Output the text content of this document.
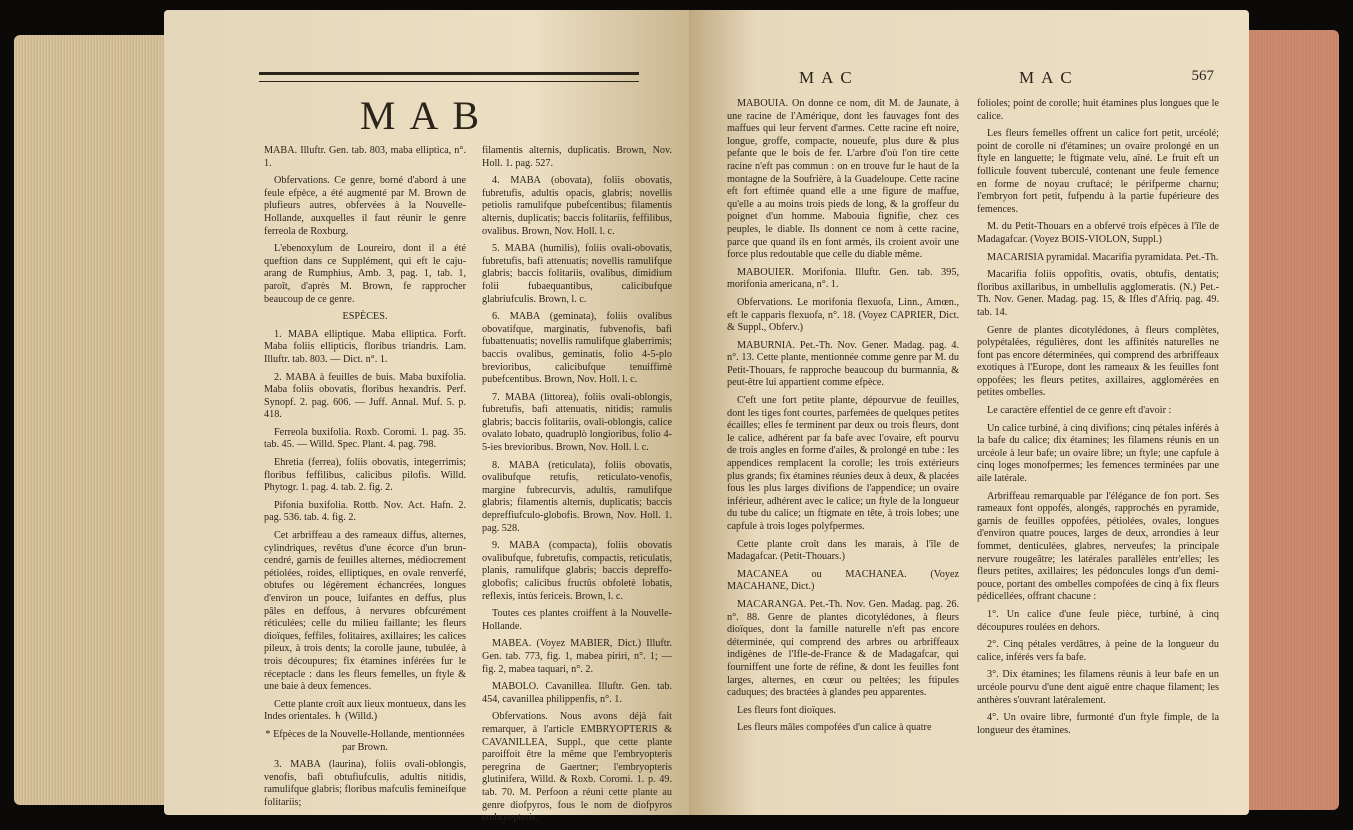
MAB

MABA. Illuftr. Gen. tab. 803, maba elliptica, n°. 1.

Obfervations. Ce genre, borné d'abord à une feule efpèce, a été augmenté par M. Brown de plufieurs autres, obfervées à la Nouvelle-Hollande, auxquelles il faut réunir le genre ferreola de Roxburg.

L'ebenoxylum de Loureiro, dont il a été queftion dans ce Supplément, qui eft le caju-arang de Rumphius, Amb. 3, pag. 1, tab. 1, paroît, d'après M. Brown, fe rapprocher beaucoup de ce genre.

ESPÈCES.

1. MABA elliptique. Maba elliptica. Forft. Maba foliis ellipticis, floribus triandris. Lam. Illuftr. tab. 803. — Dict. n°. 1.

2. MABA à feuilles de buis. Maba buxifolia. Maba foliis obovatis, floribus hexandris. Perf. Synopf. 2. pag. 606. — Juff. Annal. Muf. 5. p. 418.

Ferreola buxifolia. Roxb. Coromi. 1. pag. 35. tab. 45. — Willd. Spec. Plant. 4. pag. 798.

Ehretia (ferrea), foliis obovatis, integerrimis; floribus feffilibus, calicibus pilofis. Willd. Phytogr. 1. pag. 4. tab. 2. fig. 2.

Pifonia buxifolia. Rottb. Nov. Act. Hafn. 2. pag. 536. tab. 4. fig. 2.

Cet arbriffeau a des rameaux diffus, alternes, cylindriques, revêtus d'une écorce d'un brun-cendré, garnis de feuilles alternes, médiocrement pétiolées, roides, elliptiques, en ovale renverfé, obtufes ou légèrement échancrées, longues d'environ un pouce, luifantes en deffus, plus pâles en deffous, à nervures obfcurément réticulées; celle du milieu faillante; les fleurs dioïques, feffiles, folitaires, axillaires; les calices pileux, à trois dents; la corolle jaune, tubulée, à trois découpures; fix étamines inférées fur le réceptacle : dans les fleurs femelles, un ftyle & une baie à deux femences.

Cette plante croît aux lieux montueux, dans les Indes orientales. ♄ (Willd.)

* Efpèces de la Nouvelle-Hollande, mentionnées par Brown.

3. MABA (laurina), foliis ovali-oblongis, venofis, bafi obtufiufculis, adultis nitidis, ramulifque glabris; floribus mafculis femineifque folitariis;

filamentis alternis, duplicatis. Brown, Nov. Holl. 1. pag. 527.

4. MABA (obovata), foliis obovatis, fubretufis, adultis opacis, glabris; novellis petiolis ramulifque pubefcentibus; filamentis alternis, duplicatis; baccis folitariis, feffilibus, ovalibus. Brown, Nov. Holl. l. c.

5. MABA (humilis), foliis ovali-obovatis, fubretufis, bafi attenuatis; novellis ramulifque glabris; baccis folitariis, ovalibus, dimidium folii fubaequantibus, calicibufque glabriufculis. Brown, l. c.

6. MABA (geminata), foliis ovalibus obovatifque, marginatis, fubvenofis, bafi fubattenuatis; novellis ramulifque glaberrimis; baccis ovalibus, geminatis, folio 4-5-plo brevioribus, calicibufque tenuiffimè pubefcentibus. Brown, Nov. Holl. l. c.

7. MABA (littorea), foliis ovali-oblongis, fubretufis, bafi attenuatis, nitidis; ramulis glabris; baccis folitariis, ovali-oblongis, calice ovalato lobato, quadruplò longioribus, folio 4-5-ies brevioribus. Brown, Nov. Holl. l. c.

8. MABA (reticulata), foliis obovatis, ovalibufque retufis, reticulato-venofis, margine fubrecurvis, adultis, ramulifque glabris; filamentis alternis, duplicatis; baccis depreffiufculo-globofis. Brown, Nov. Holl. 1. pag. 528.

9. MABA (compacta), foliis obovatis ovalibufque, fubretufis, compactis, reticulatis, planis, ramulifque glabris; baccis depreffo-globofis; calicibus fructûs obfoletè lobatis, reflexis, intùs fericeis. Brown, l. c.

Toutes ces plantes croiffent à la Nouvelle-Hollande.

MABEA. (Voyez MABIER, Dict.) Illuftr. Gen. tab. 773, fig. 1, mabea piriri, n°. 1; — fig. 2, mabea taquari, n°. 2.

MABOLO. Cavanillea. Illuftr. Gen. tab. 454, cavanillea philippenfis, n°. 1.

Obfervations. Nous avons déjà fait remarquer, à l'article EMBRYOPTERIS & CAVANILLEA, Suppl., que cette plante paroiffoit être la même que l'embryopteris peregrina de Gaertner; l'embryopteris glutinifera, Willd. & Roxb. Coromi. 1. p. 49. tab. 70. M. Perfoon a réuni cette plante au genre diofpyros, fous le nom de diofpyros embryopteris.

MAC	MAC	567

MABOUIA. On donne ce nom, dit M. de Jaunate, à une racine de l'Amérique, dont les fauvages font des maffues qui leur fervent d'armes. Cette racine eft noire, longue, groffe, compacte, noueufe, plus dure & plus pefante que le bois de fer. L'arbre d'où l'on tire cette racine n'eft pas commun : on en trouve fur le haut de la montagne de la Soufrière, à la Guadeloupe. Cette racine eft fort eftimée quand elle a une figure de maffue, qu'elle a au moins trois pieds de long, & la groffeur du poignet d'un homme. Mabouia fignifie, chez ces peuples, le diable. Ils donnent ce nom à cette racine, parce que quand ils en font armés, ils croient avoir une force plus redoutable que celle du diable même.

MABOUIER. Morifonia. Illuftr. Gen. tab. 395, morifonia americana, n°. 1.

Obfervations. Le morifonia flexuofa, Linn., Amœn., eft le capparis flexuofa, n°. 18. (Voyez CAPRIER, Dict. & Suppl., Obferv.)

MABURNIA. Pet.-Th. Nov. Gener. Madag. pag. 4. n°. 13. Cette plante, mentionnée comme genre par M. du Petit-Thouars, fe rapproche beaucoup du burmannia, & peut-être lui appartient comme efpèce.

C'eft une fort petite plante, dépourvue de feuilles, dont les tiges font courtes, parfemées de quelques petites écailles; elles fe terminent par deux ou trois fleurs, dont le calice, adhérent par fa bafe avec l'ovaire, eft pourvu de trois angles en forme d'ailes, & prolongé en tube : les appendices remplacent la corolle; les trois extérieurs plus grands; fix étamines réunies deux à deux, & placées fous les plus larges divifions de l'appendice; un ovaire inférieur, adhérent avec le calice; un ftyle de la longueur du tube du calice; un ftigmate en tête, à trois lobes; une capfule à trois loges polyfpermes.

Cette plante croît dans les marais, à l'île de Madagafcar. (Petit-Thouars.)

MACANEA ou MACHANEA. (Voyez MACAHANE, Dict.)

MACARANGA. Pet.-Th. Nov. Gen. Madag. pag. 26. n°. 88. Genre de plantes dicotylédones, à fleurs dioïques, dont la famille naturelle n'eft pas encore déterminée, qui comprend des arbres ou arbriffeaux indigènes de l'Ifle-de-France & de Madagafcar, qui fourniffent une forte de réfine, & dont les feuilles font larges, alternes, en cœur ou peltées; les ftipules caduques; des bractées à glandes peu apparentes.

Les fleurs font dioïques.

Les fleurs mâles compofées d'un calice à quatre

folioles; point de corolle; huit étamines plus longues que le calice.

Les fleurs femelles offrent un calice fort petit, urcéolé; point de corolle ni d'étamines; un ovaire prolongé en un ftyle en languette; le ftigmate velu, aîné. Le fruit eft un follicule fouvent tuberculé, contenant une feule femence en forme de noyau cruftacé; le périfperme charnu; l'embryon fort petit, fufpendu à la partie fupérieure des femences.

M. du Petit-Thouars en a obfervé trois efpèces à l'île de Madagafcar. (Voyez BOIS-VIOLON, Suppl.)

MACARISIA pyramidal. Macarifia pyramidata. Pet.-Th.

Macarifia foliis oppofitis, ovatis, obtufis, dentatis; floribus axillaribus, in umbellulis agglomeratis. (N.) Pet.-Th. Nov. Gener. Madag. pag. 15, & Ifles d'Afriq. pag. 49. tab. 14.

Genre de plantes dicotylédones, à fleurs complètes, polypétalées, régulières, dont les affinités naturelles ne font pas encore déterminées, qui comprend des arbriffeaux exotiques à l'Europe, dont les rameaux & les feuilles font oppofées; les fleurs petites, axillaires, agglomérées en petites ombelles.

Le caractère effentiel de ce genre eft d'avoir :

Un calice turbiné, à cinq divifions; cinq pétales inférés à la bafe du calice; dix étamines; les filamens réunis en un urcéole à leur bafe; un ovaire libre; un ftyle; une capfule à cinq loges monofpermes; les femences terminées par une aile latérale.

Arbriffeau remarquable par l'élégance de fon port. Ses rameaux font oppofés, alongés, rapprochés en pyramide, garnis de feuilles oppofées, pétiolées, ovales, longues d'environ quatre pouces, larges de deux, arrondies à leur fommet, denticulées, glabres, nerveufes; la principale nervure rougeâtre; les latérales parallèles entr'elles; les fleurs petites, axillaires; les pédoncules longs d'un demi-pouce, portant des ombelles compofées de cinq à fix fleurs pédicellées, offrant chacune :

1°. Un calice d'une feule pièce, turbiné, à cinq découpures roulées en dehors.

2°. Cinq pétales verdâtres, à peine de la longueur du calice, inférés vers fa bafe.

3°. Dix étamines; les filamens réunis à leur bafe en un urcéole pourvu d'une dent aiguë entre chaque filament; les anthères s'ouvrant latéralement.

4°. Un ovaire libre, furmonté d'un ftyle fimple, de la longueur des étamines.
